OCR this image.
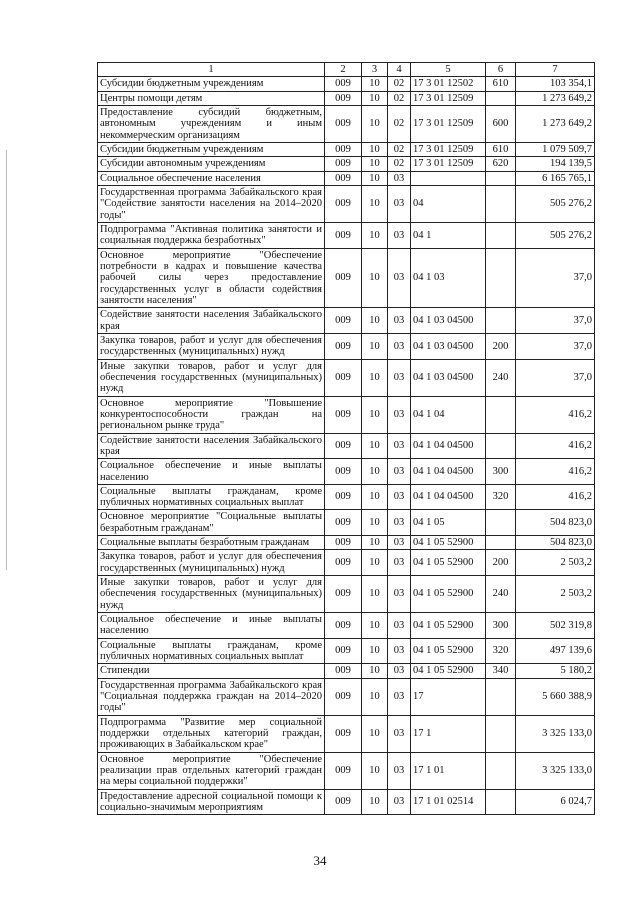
1	2	3	4	5	6	7
Субсидии бюджетным учреждениям	009	10	02	17 3 01 12502	610	103 354,1
Центры помощи детям	009	10	02	17 3 01 12509		1 273 649,2
Предоставление субсидий бюджетным, автономным учреждениям и иным некоммерческим организациям	009	10	02	17 3 01 12509	600	1 273 649,2
Субсидии бюджетным учреждениям	009	10	02	17 3 01 12509	610	1 079 509,7
Субсидии автономным учреждениям	009	10	02	17 3 01 12509	620	194 139,5
Социальное обеспечение населения	009	10	03			6 165 765,1
Государственная программа Забайкальского края "Содействие занятости населения на 2014–2020 годы"	009	10	03	04		505 276,2
Подпрограмма "Активная политика занятости и социальная поддержка безработных"	009	10	03	04 1		505 276,2
Основное мероприятие "Обеспечение потребности в кадрах и повышение качества рабочей силы через предоставление государственных услуг в области содействия занятости населения"	009	10	03	04 1 03		37,0
Содействие занятости населения Забайкальского края	009	10	03	04 1 03 04500		37,0
Закупка товаров, работ и услуг для обеспечения государственных (муниципальных) нужд	009	10	03	04 1 03 04500	200	37,0
Иные закупки товаров, работ и услуг для обеспечения государственных (муниципальных) нужд	009	10	03	04 1 03 04500	240	37,0
Основное мероприятие "Повышение конкурентоспособности граждан на региональном рынке труда"	009	10	03	04 1 04		416,2
Содействие занятости населения Забайкальского края	009	10	03	04 1 04 04500		416,2
Социальное обеспечение и иные выплаты населению	009	10	03	04 1 04 04500	300	416,2
Социальные выплаты гражданам, кроме публичных нормативных социальных выплат	009	10	03	04 1 04 04500	320	416,2
Основное мероприятие "Социальные выплаты безработным гражданам"	009	10	03	04 1 05		504 823,0
Социальные выплаты безработным гражданам	009	10	03	04 1 05 52900		504 823,0
Закупка товаров, работ и услуг для обеспечения государственных (муниципальных) нужд	009	10	03	04 1 05 52900	200	2 503,2
Иные закупки товаров, работ и услуг для обеспечения государственных (муниципальных) нужд	009	10	03	04 1 05 52900	240	2 503,2
Социальное обеспечение и иные выплаты населению	009	10	03	04 1 05 52900	300	502 319,8
Социальные выплаты гражданам, кроме публичных нормативных социальных выплат	009	10	03	04 1 05 52900	320	497 139,6
Стипендии	009	10	03	04 1 05 52900	340	5 180,2
Государственная программа Забайкальского края "Социальная поддержка граждан на 2014–2020 годы"	009	10	03	17		5 660 388,9
Подпрограмма "Развитие мер социальной поддержки отдельных категорий граждан, проживающих в Забайкальском крае"	009	10	03	17 1		3 325 133,0
Основное мероприятие "Обеспечение реализации прав отдельных категорий граждан на меры социальной поддержки"	009	10	03	17 1 01		3 325 133,0
Предоставление адресной социальной помощи к социально-значимым мероприятиям	009	10	03	17 1 01 02514		6 024,7
34
